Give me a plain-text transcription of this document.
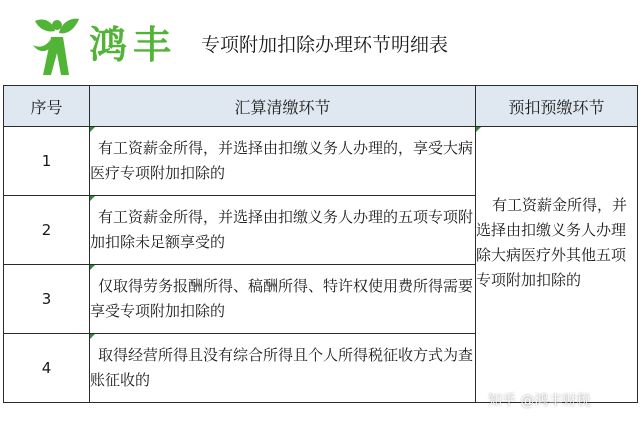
鸿丰 专项附加扣除办理环节明细表
序号	汇算清缴环节	预扣预缴环节
1	有工资薪金所得，并选择由扣缴义务人办理的，享受大病医疗专项附加扣除的	有工资薪金所得，并选择由扣缴义务人办理除大病医疗外其他五项专项附加扣除的

2	有工资薪金所得，并选择由扣缴义务人办理的五项专项附加扣除未足额享受的	
3	仅取得劳务报酬所得、稿酬所得、特许权使用费所得需要享受专项附加扣除的	
4	取得经营所得且没有综合所得且个人所得税征收方式为查账征收的	
知乎 @鸿丰财税
